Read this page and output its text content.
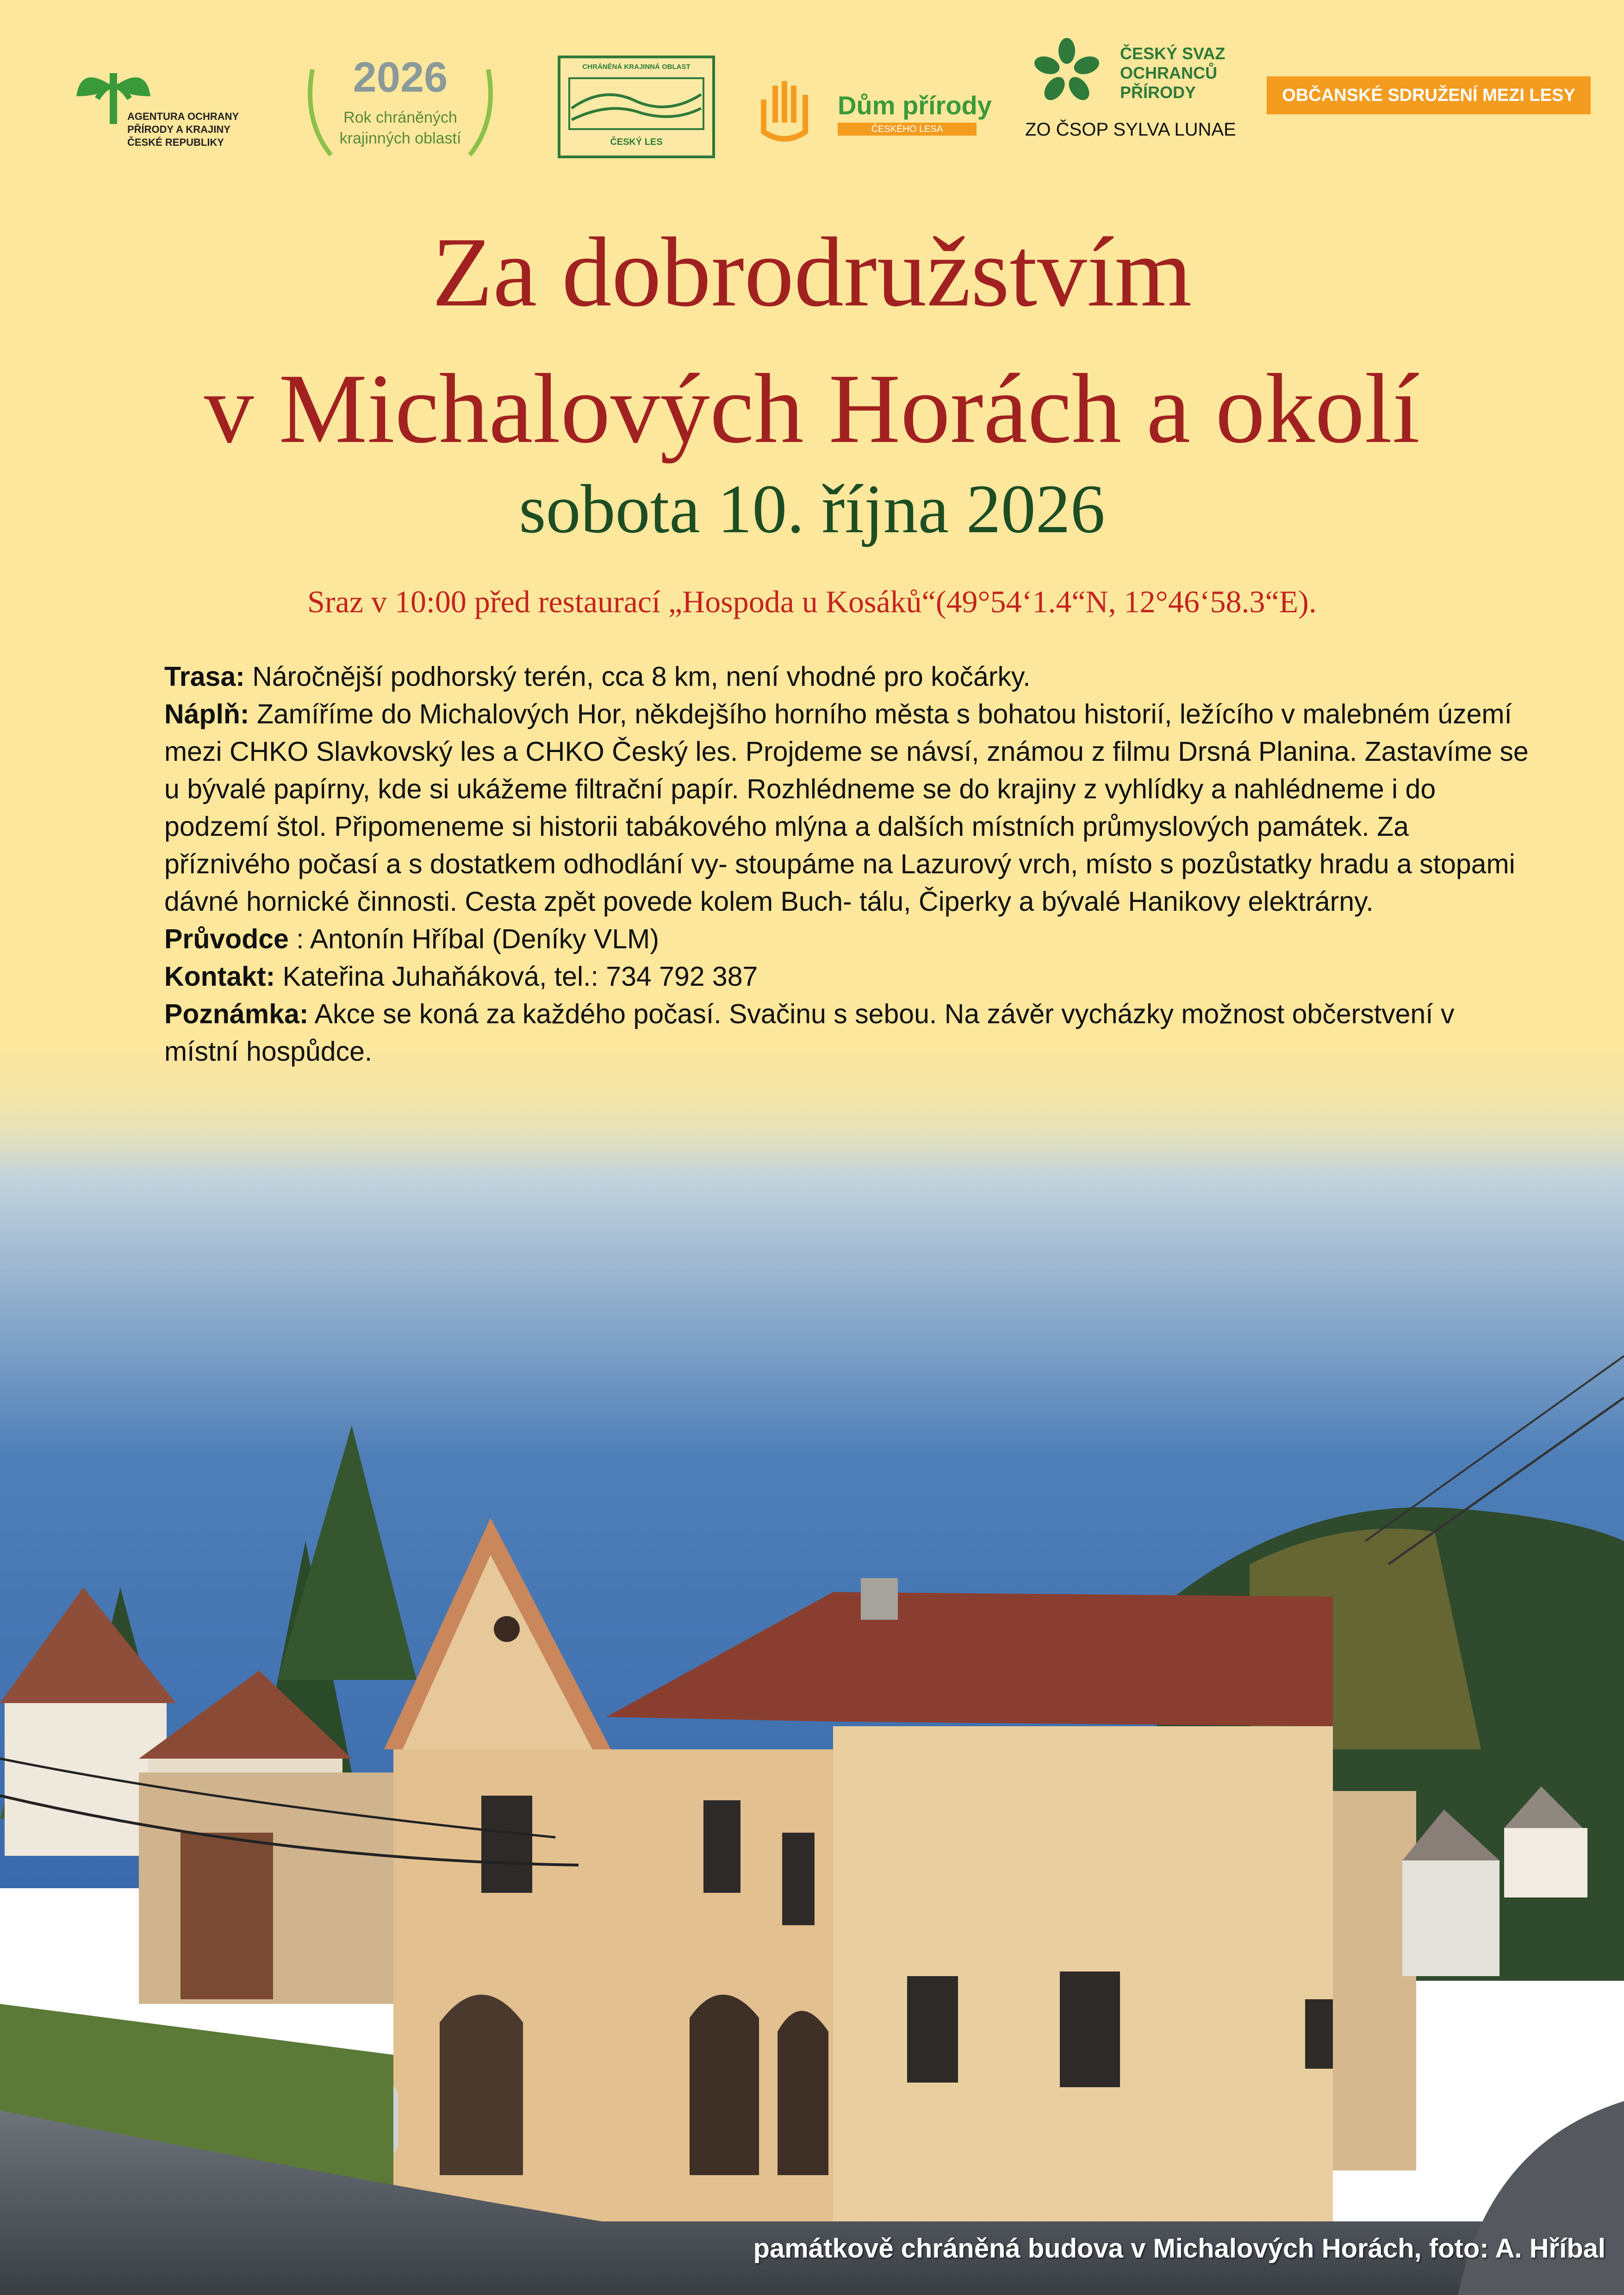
AGENTURA OCHRANY
PŘÍRODY A KRAJINY
ČESKÉ REPUBLIKY
2026
Rok chráněných
krajinných oblastí
CHRÁNĚNÁ KRAJINNÁ OBLAST
ČESKÝ LES
Dům přírody
ČESKÉHO LESA
ČESKÝ SVAZ
OCHRANCŮ
PŘÍRODY
ZO ČSOP SYLVA LUNAE
OBČANSKÉ SDRUŽENÍ MEZI LESY
Za dobrodružstvím
v Michalových Horách a okolí
sobota 10. října 2026
Sraz v 10:00 před restaurací „Hospoda u Kosáků“(49°54‘1.4“N, 12°46‘58.3“E).
Trasa: Náročnější podhorský terén, cca 8 km, není vhodné pro kočárky.
Náplň: Zamíříme do Michalových Hor, někdejšího horního města s bohatou historií, ležícího v malebném území mezi CHKO Slavkovský les a CHKO Český les. Projdeme se návsí, známou z filmu Drsná Planina. Zastavíme se u bývalé papírny, kde si ukážeme filtrační papír. Rozhlédneme se do krajiny z vyhlídky a nahlédneme i do podzemí štol. Připomeneme si historii tabákového mlýna a dalších místních průmyslových památek. Za příznivého počasí a s dostatkem odhodlání vy- stoupáme na Lazurový vrch, místo s pozůstatky hradu a stopami dávné hornické činnosti. Cesta zpět povede kolem Buch- tálu, Čiperky a bývalé Hanikovy elektrárny.
Průvodce : Antonín Hříbal (Deníky VLM)
Kontakt: Kateřina Juhaňáková, tel.: 734 792 387
Poznámka: Akce se koná za každého počasí. Svačinu s sebou. Na závěr vycházky možnost občerstvení v místní hospůdce.
památkově chráněná budova v Michalových Horách, foto: A. Hříbal
